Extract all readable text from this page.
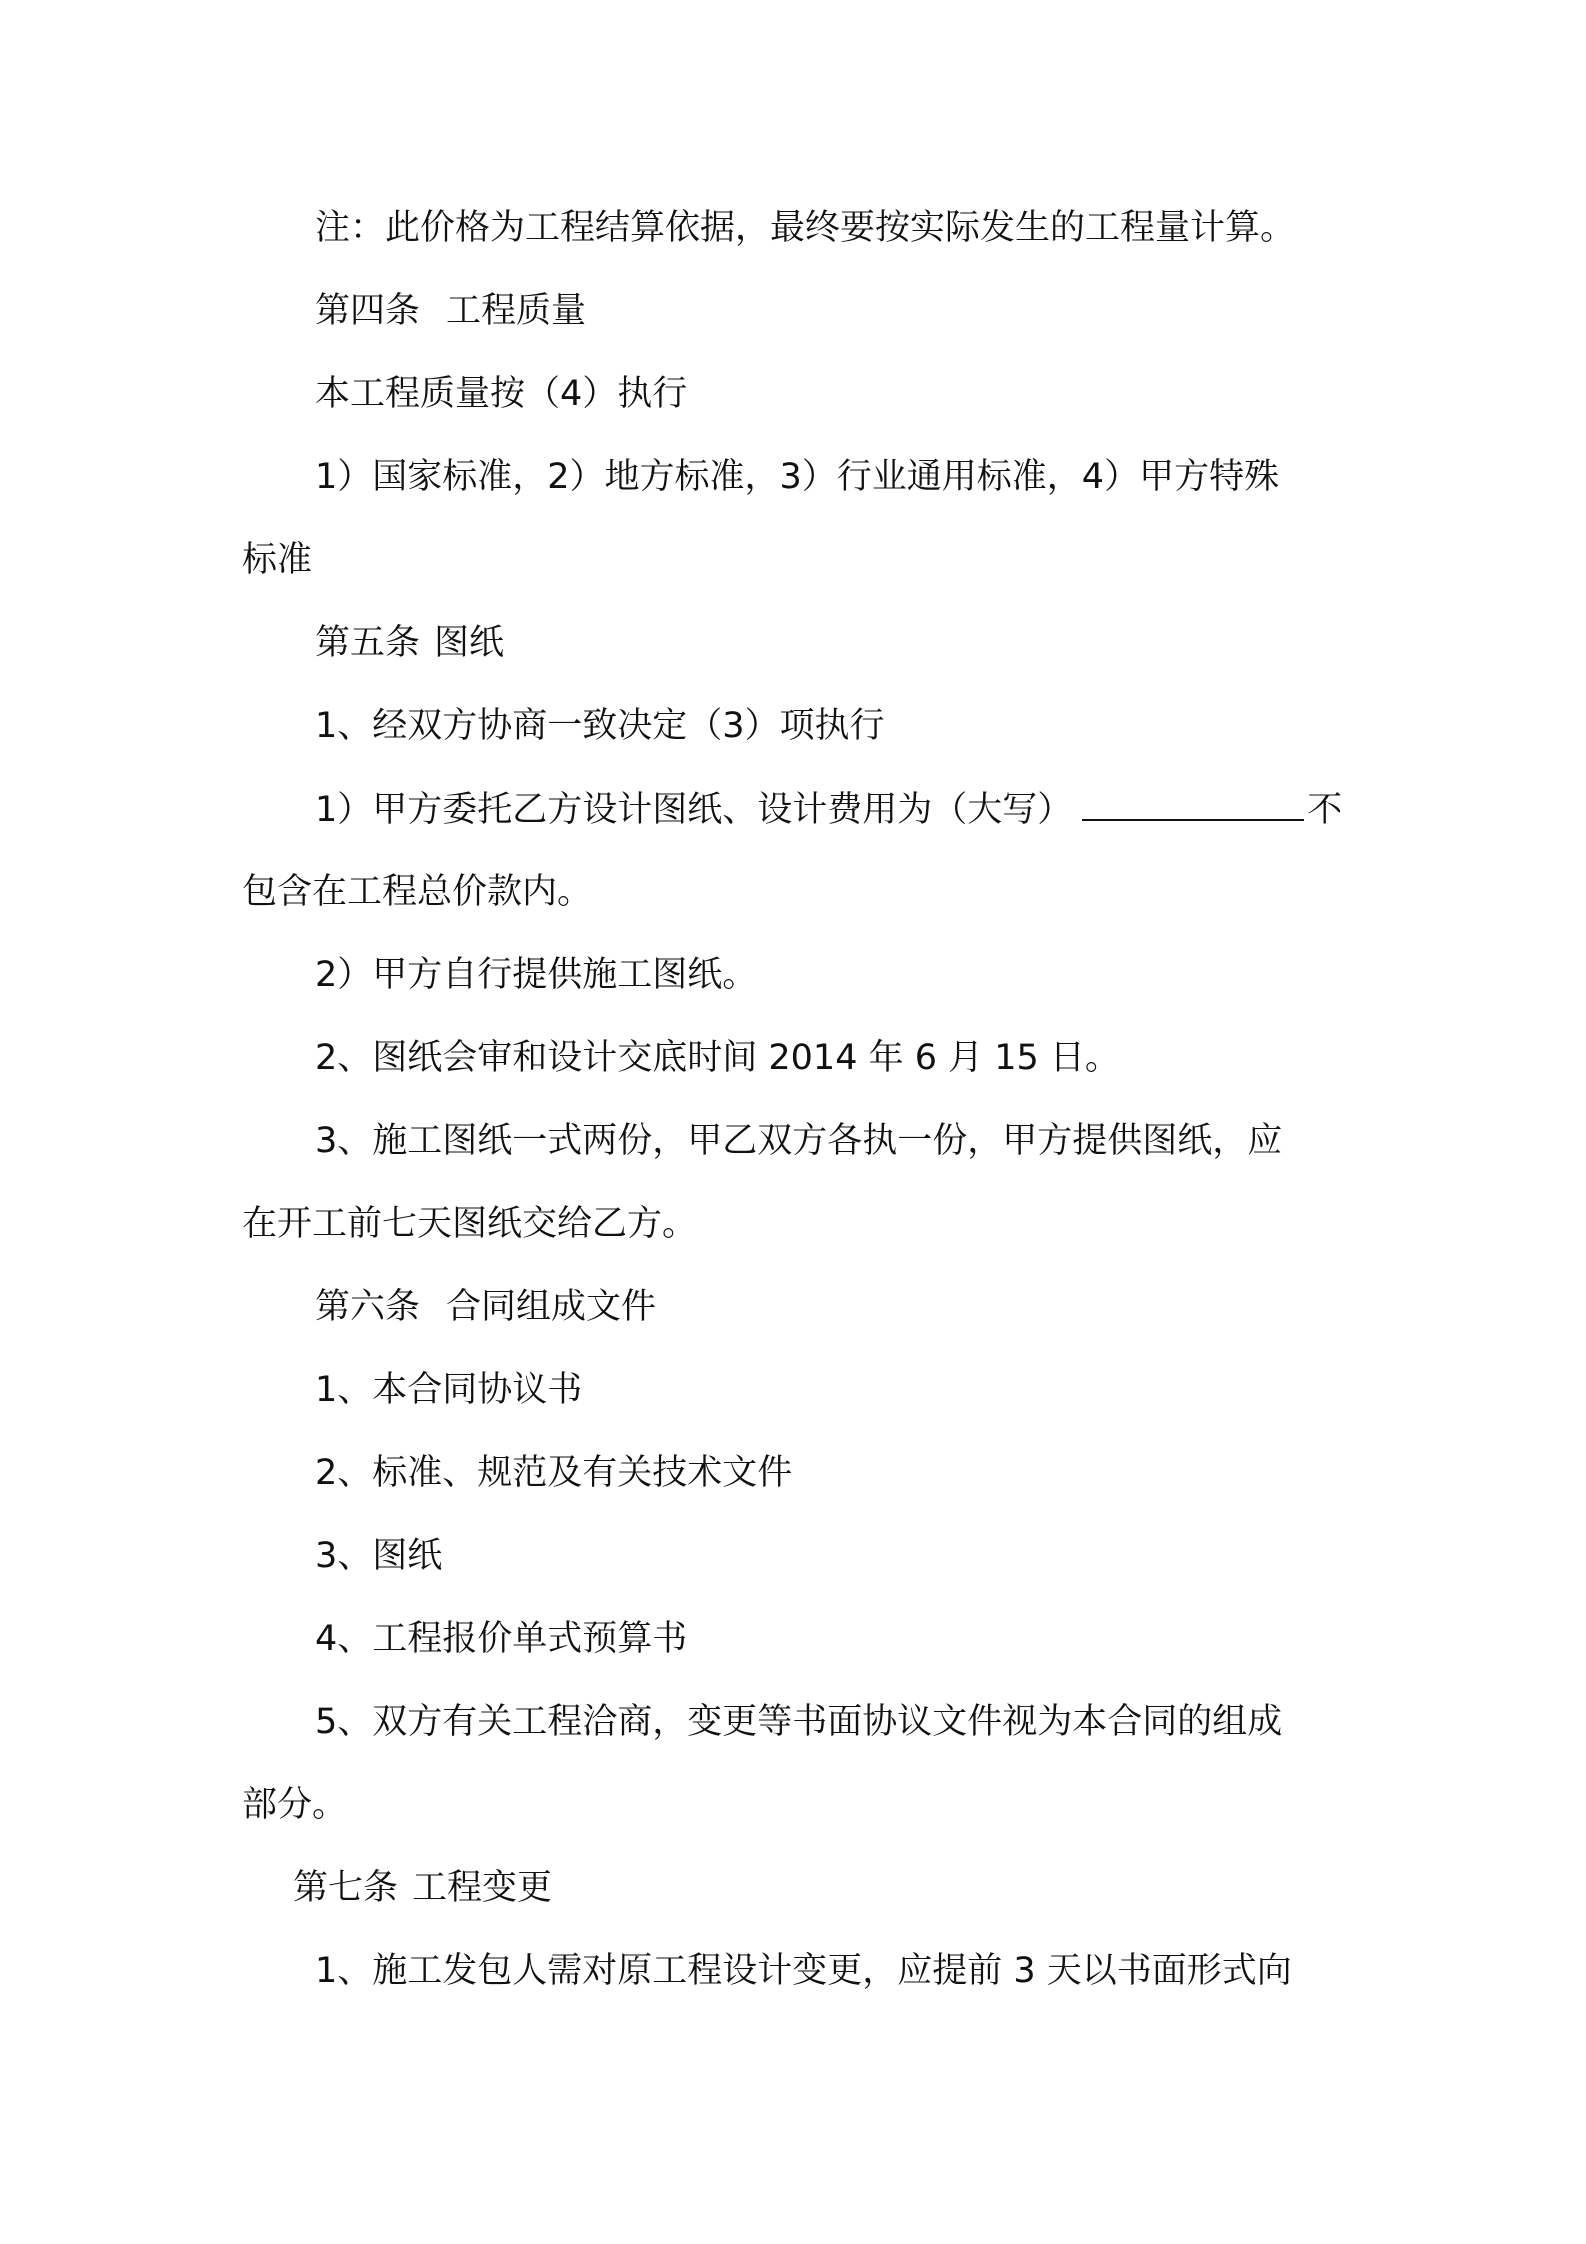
注：此价格为工程结算依据，最终要按实际发生的工程量计算。
第四条 工程质量
本工程质量按（4）执行
1）国家标准，2）地方标准，3）行业通用标准，4）甲方特殊
标准
第五条 图纸
1、经双方协商一致决定（3）项执行
1）甲方委托乙方设计图纸、设计费用为（大写）	不
包含在工程总价款内。
2）甲方自行提供施工图纸。
2、图纸会审和设计交底时间 2014 年 6 月 15 日。
3、施工图纸一式两份，甲乙双方各执一份，甲方提供图纸，应
在开工前七天图纸交给乙方。
第六条 合同组成文件
1、本合同协议书
2、标准、规范及有关技术文件
3、图纸
4、工程报价单式预算书
5、双方有关工程洽商，变更等书面协议文件视为本合同的组成
部分。
第七条 工程变更
1、施工发包人需对原工程设计变更，应提前 3 天以书面形式向
